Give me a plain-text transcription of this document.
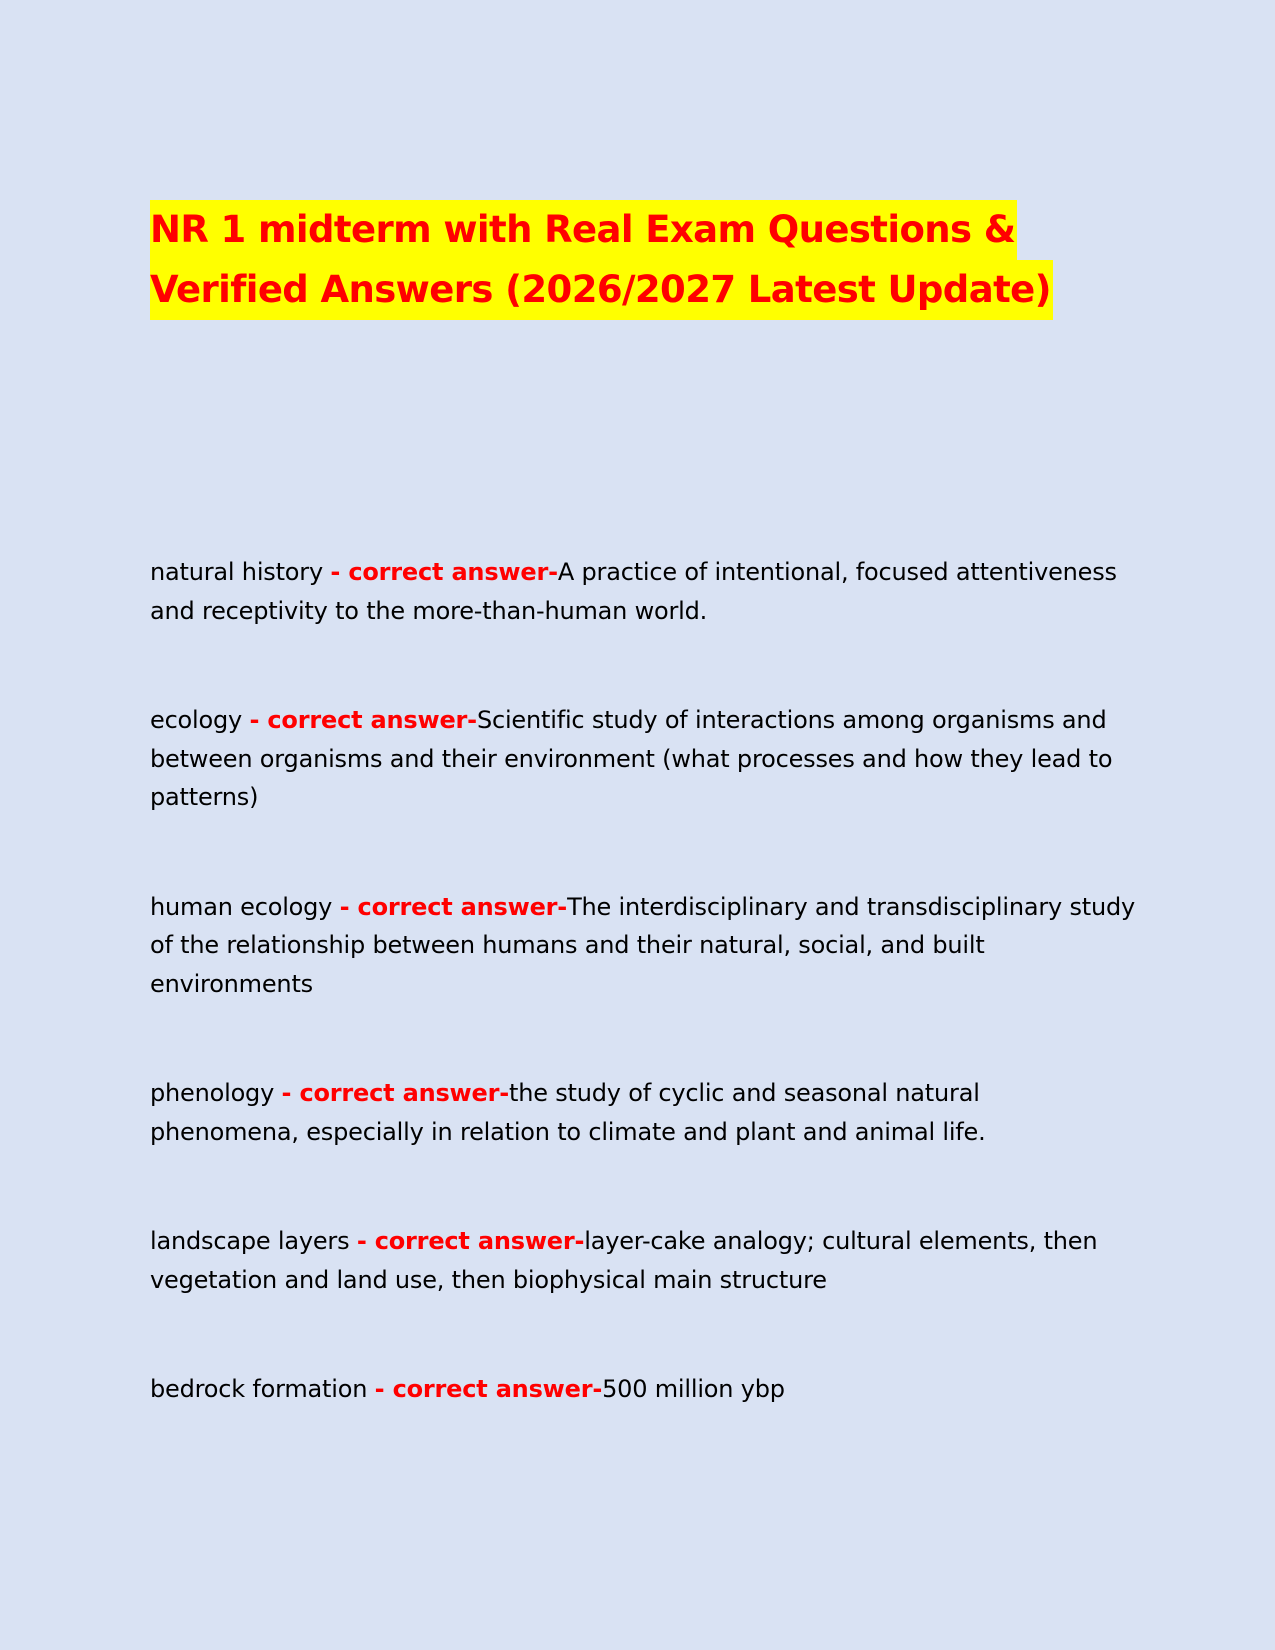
NR 1 midterm with Real Exam Questions &
Verified Answers (2026/2027 Latest Update)

natural history - correct answer-A practice of intentional, focused attentiveness and receptivity to the more-than-human world.

ecology - correct answer-Scientific study of interactions among organisms and between organisms and their environment (what processes and how they lead to patterns)

human ecology - correct answer-The interdisciplinary and transdisciplinary study of the relationship between humans and their natural, social, and built environments

phenology - correct answer-the study of cyclic and seasonal natural phenomena, especially in relation to climate and plant and animal life.

landscape layers - correct answer-layer-cake analogy; cultural elements, then vegetation and land use, then biophysical main structure

bedrock formation - correct answer-500 million ybp
